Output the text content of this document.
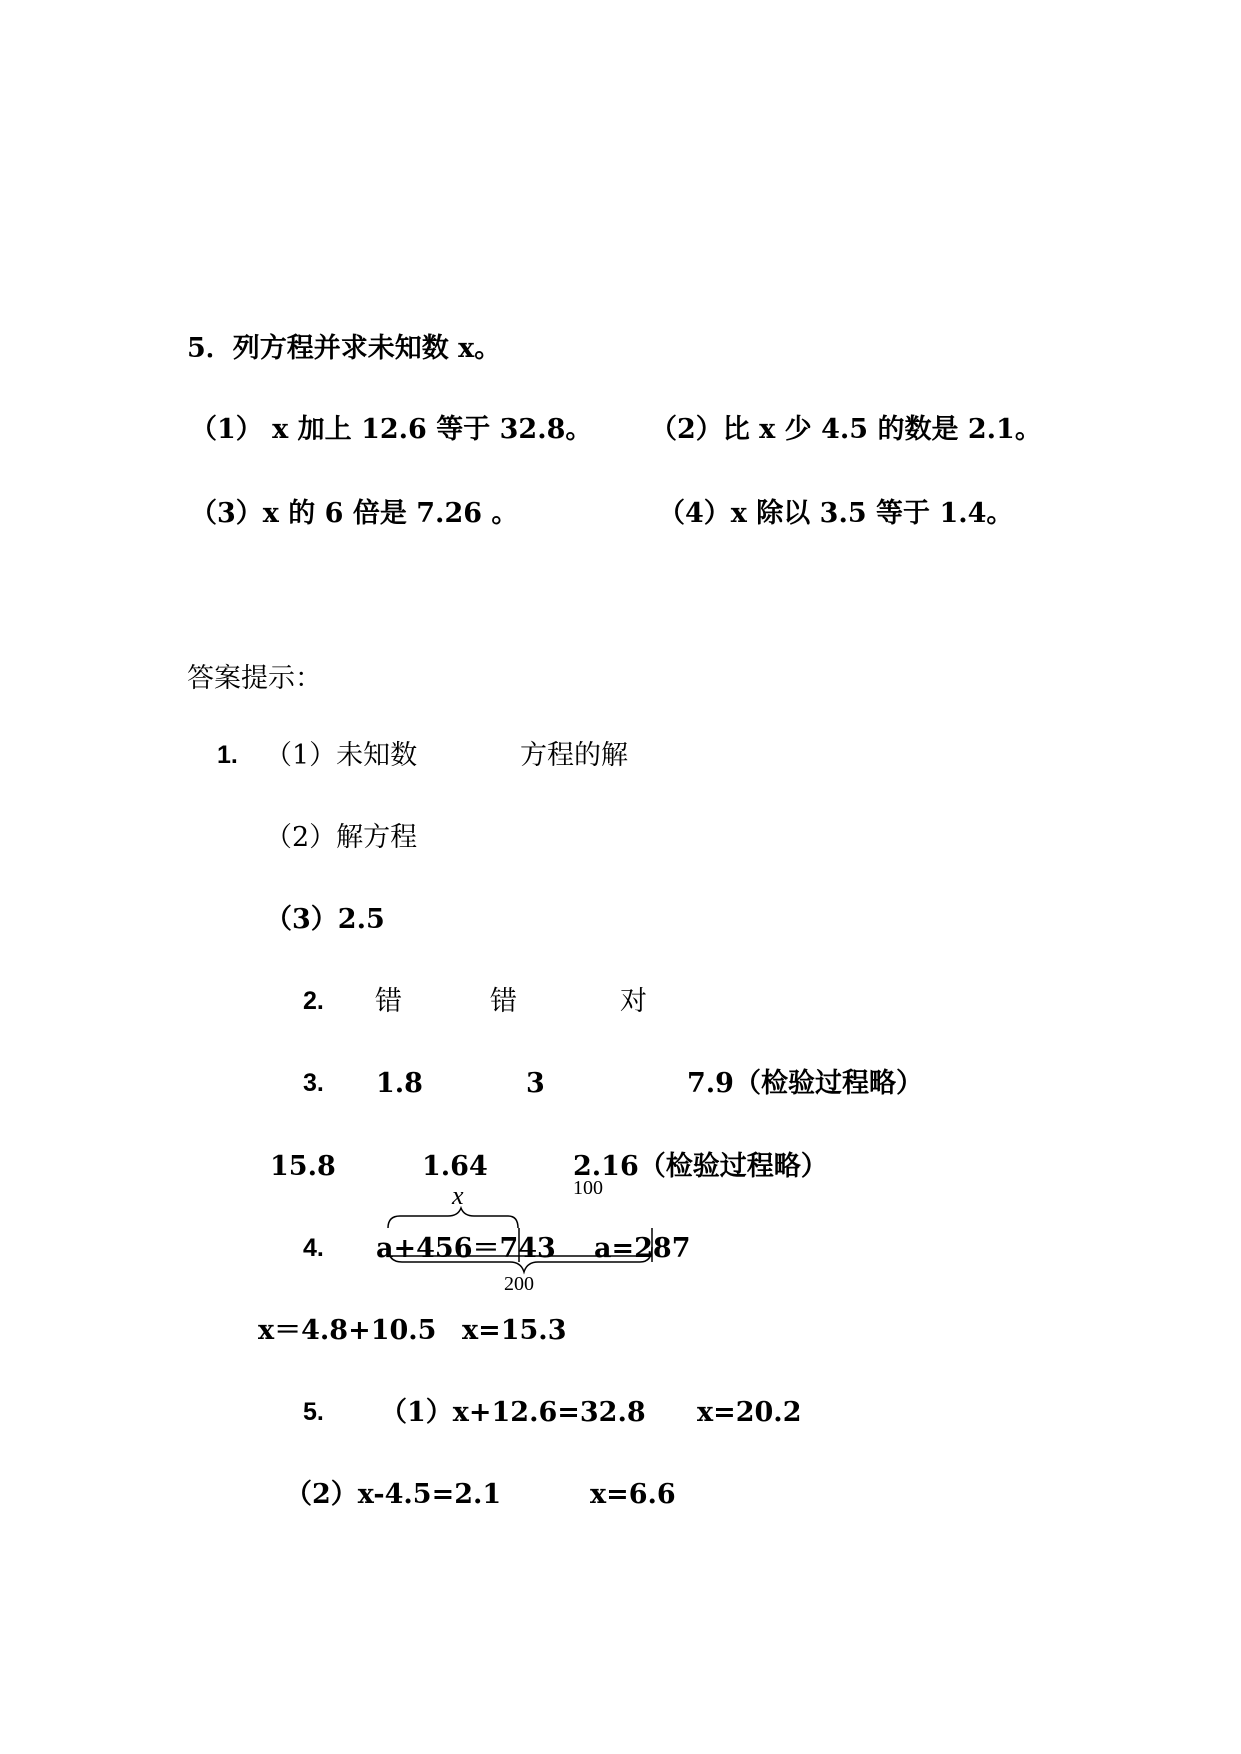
5．列方程并求未知数 x。
（1） x 加上 12.6 等于 32.8。 （2）比 x 少 4.5 的数是 2.1。
（3）x 的 6 倍是 7.26 。	（4）x 除以 3.5 等于 1.4。
答案提示：
1. （1）未知数	方程的解
（2）解方程
（3）2.5
2. 错	错	对
3. 1.8	3	7.9（检验过程略）
15.8	1.64	2.16（检验过程略）
x	100
200
4. a+456＝743 a=287
x＝4.8+10.5 x=15.3
5. （1）x+12.6=32.8 x=20.2
（2）x-4.5=2.1	x=6.6
